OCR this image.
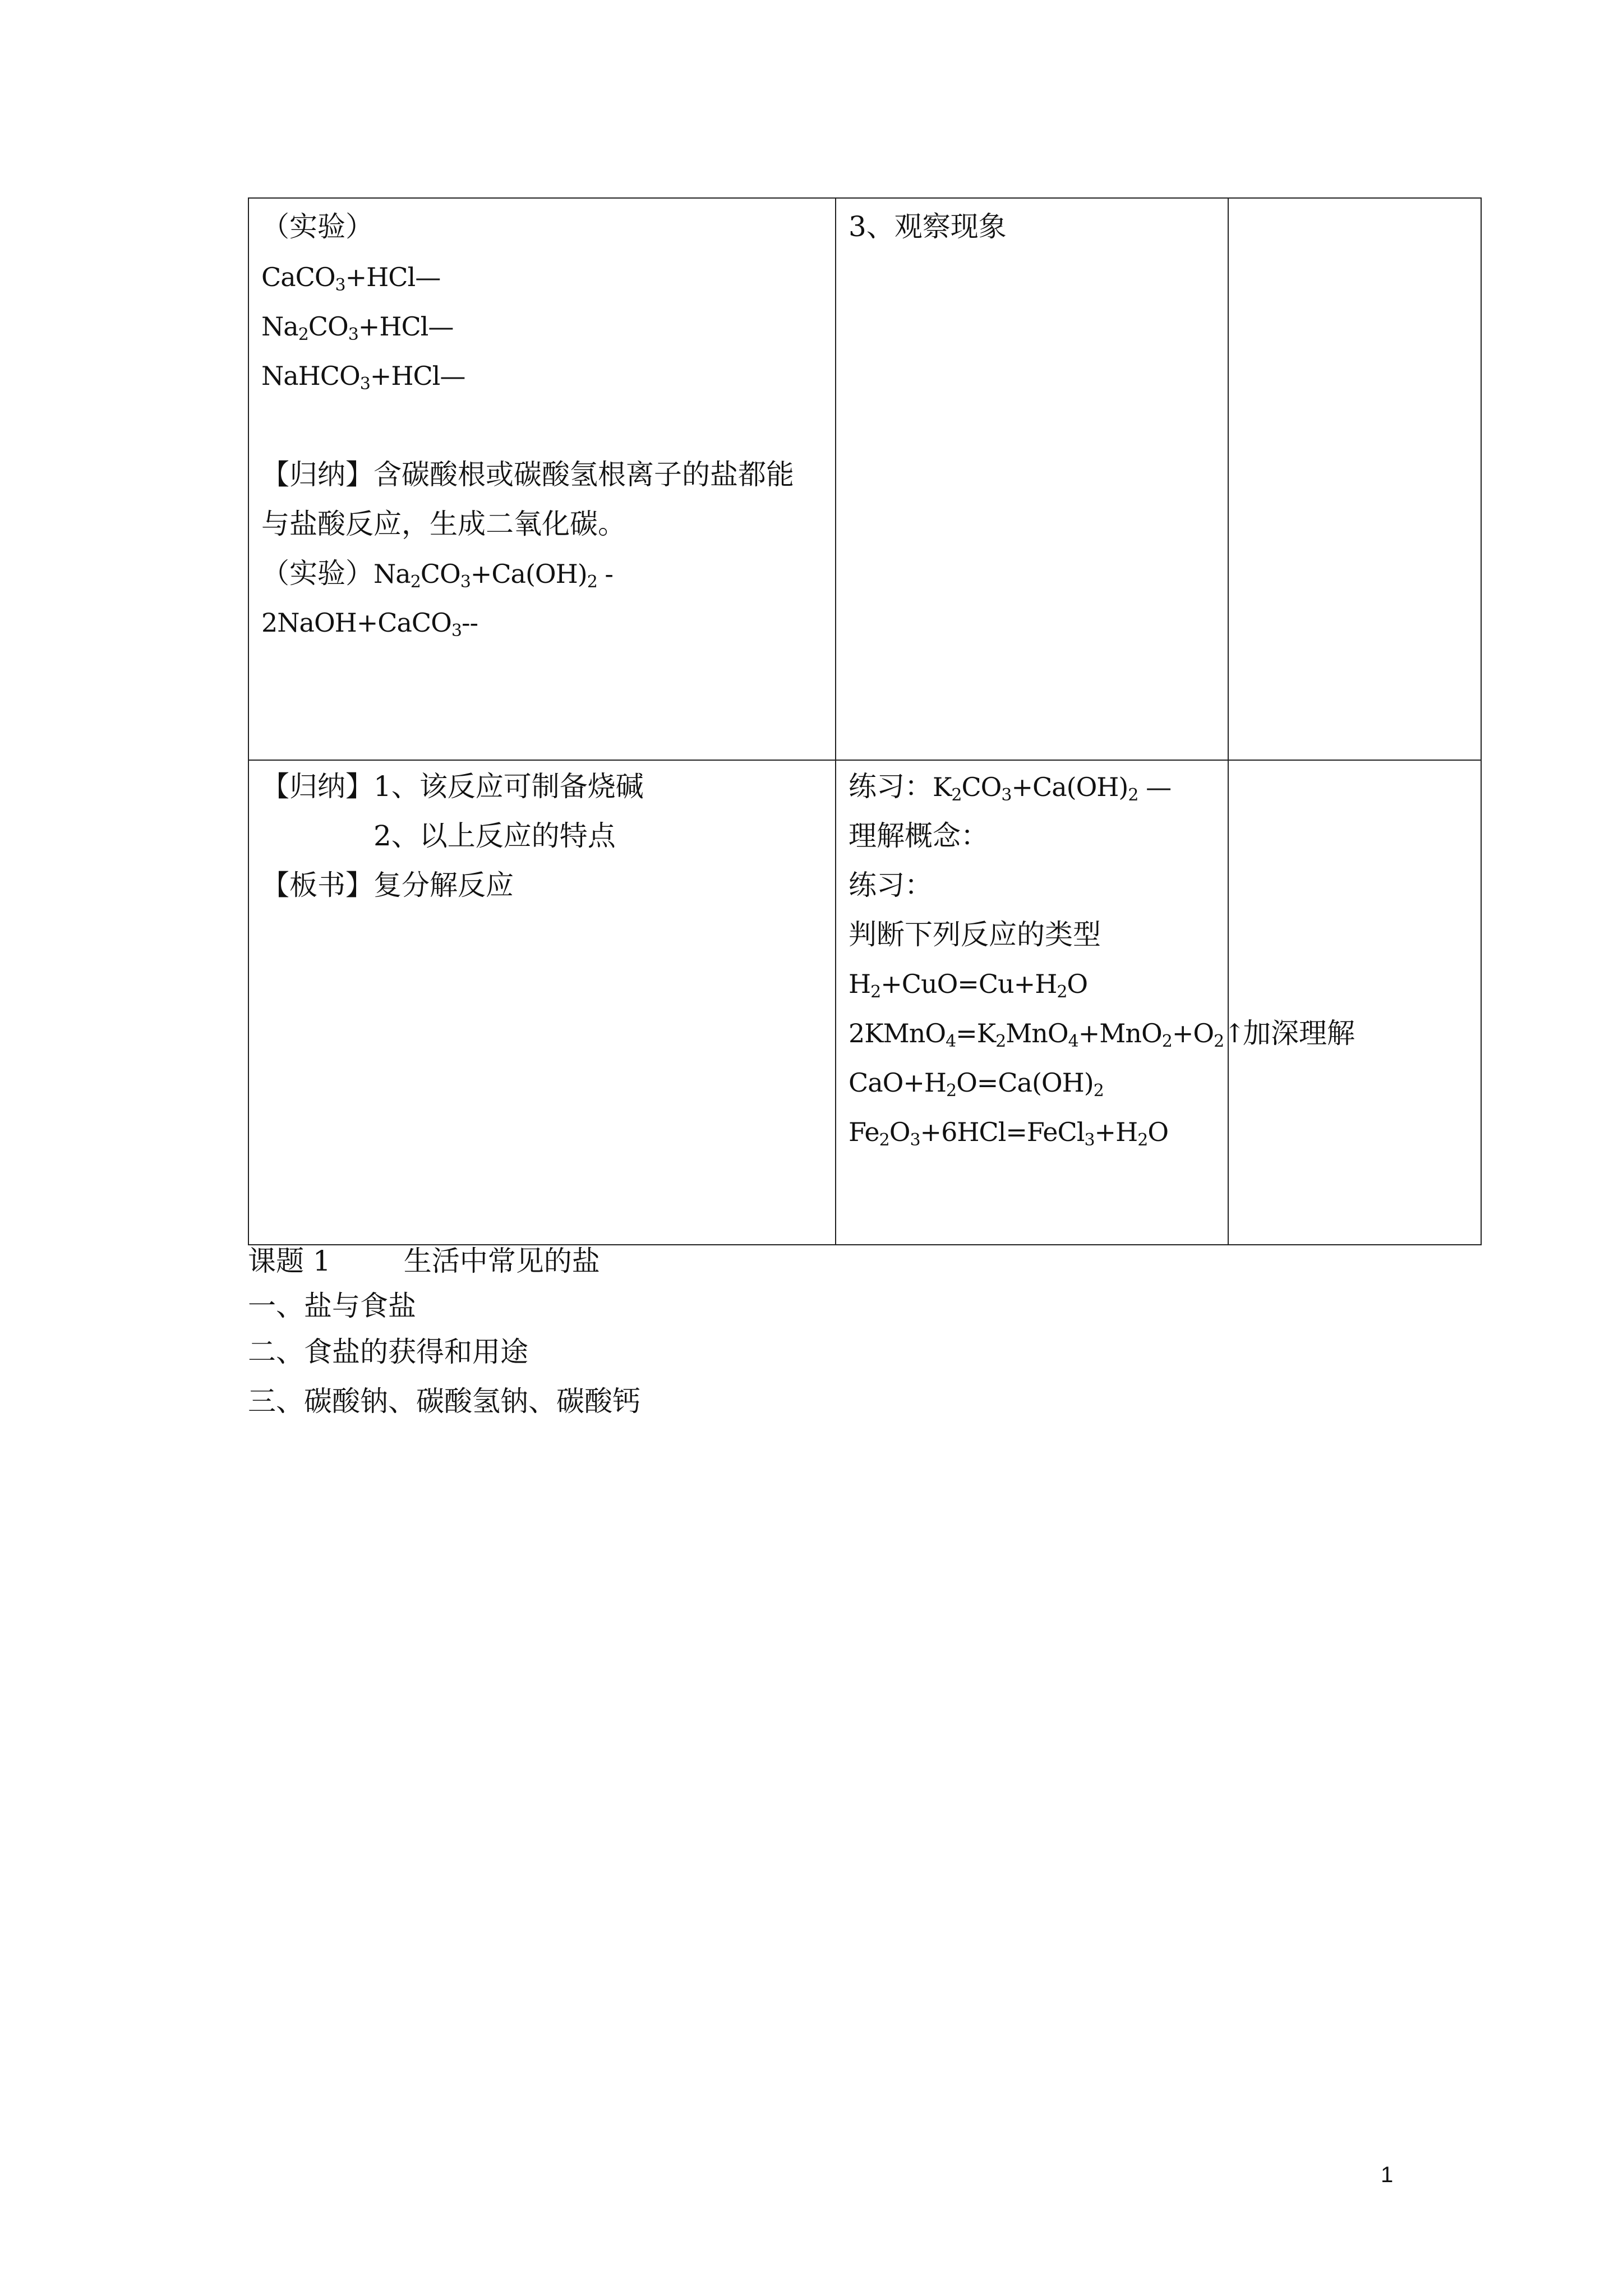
（实验）
CaCO$_3$+HCl—
$Na_2CO_3+HCl—$
NaHCO$_3$+HCl—
【归纳】含碳酸根或碳酸氢根离子的盐都能
与盐酸反应，生成二氧化碳。
（实验）$Na_2CO_3+Ca(OH)_2$ -
2NaOH+CaCO$_3$--
3、观察现象
【归纳】1、该反应可制备烧碱
2、以上反应的特点
【板书】复分解反应
练习：$K_2CO_3+Ca(OH)_2$ —
理解概念：
练习：
判断下列反应的类型
$H_2+CuO=Cu+H_2O$
$2KMnO_4=K_2MnO_4+MnO_2+O_2↑$
$CaO+H_2O=Ca(OH)_2$
$Fe_2O_3+6HCl=FeCl_3+H_2O$
加深理解
课题 1	生活中常见的盐
一、盐与食盐
二、食盐的获得和用途
三、碳酸钠、碳酸氢钠、碳酸钙
1
